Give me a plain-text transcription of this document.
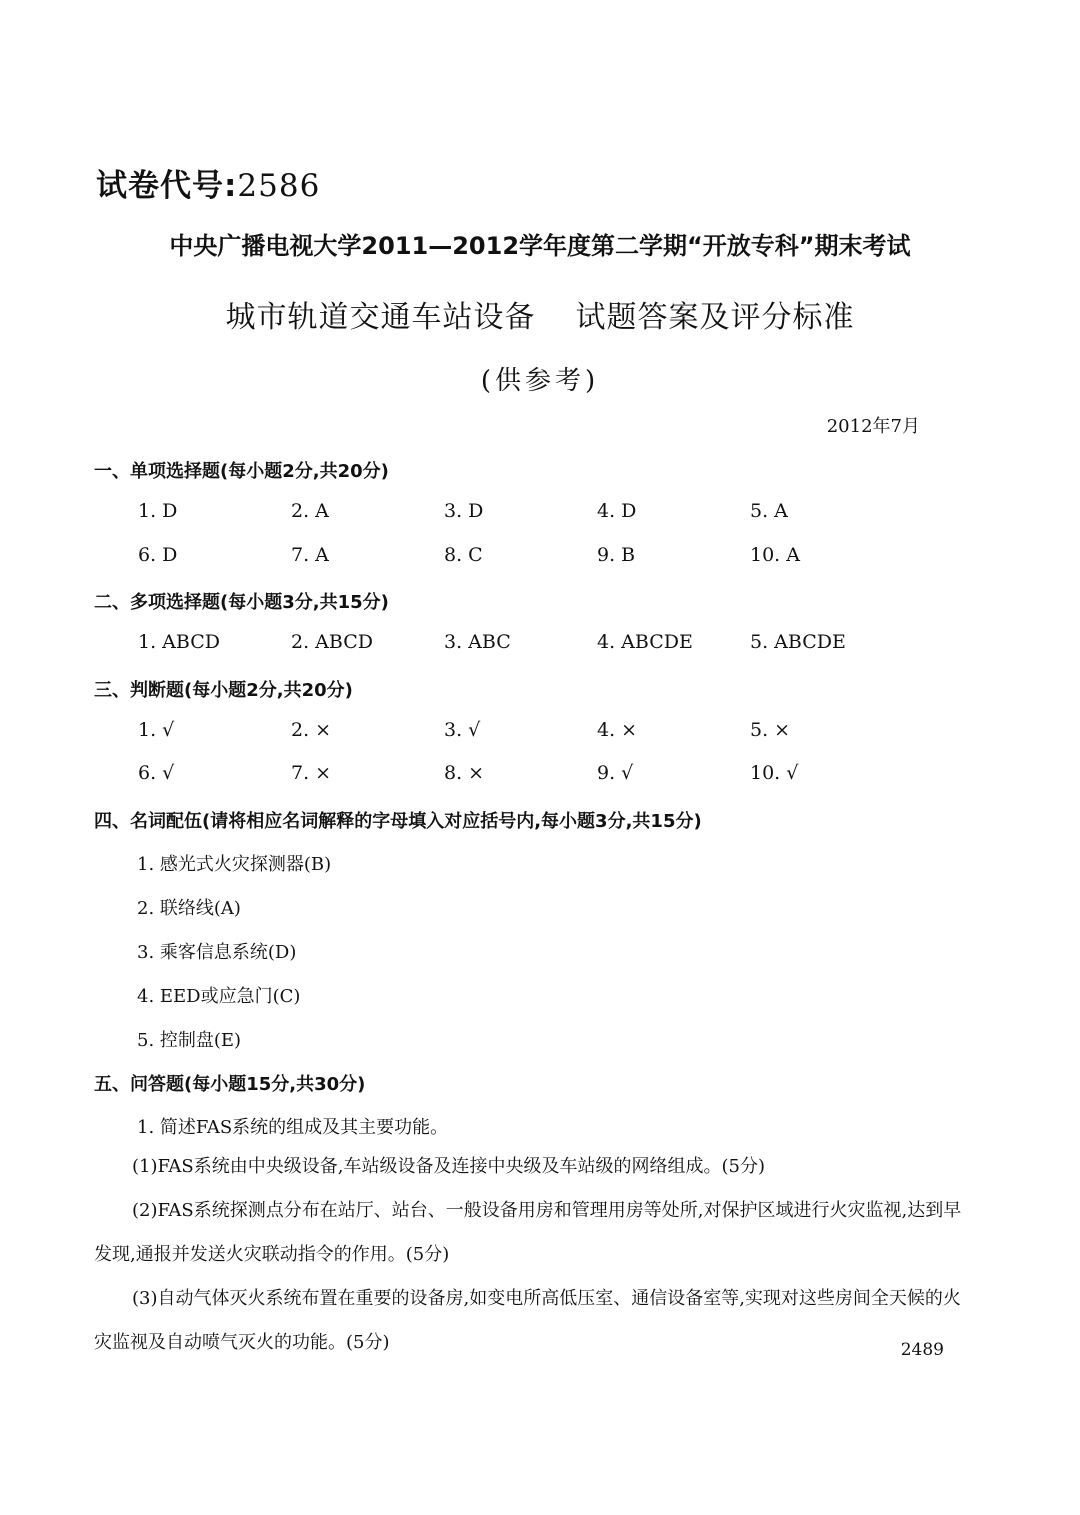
试卷代号:2586
中央广播电视大学2011—2012学年度第二学期“开放专科”期末考试
城市轨道交通车站设备 试题答案及评分标准
(供参考)
2012年7月
一、单项选择题(每小题2分,共20分)
1. D	2. A	3. D	4. D	5. A
6. D	7. A	8. C	9. B	10. A
二、多项选择题(每小题3分,共15分)
1. ABCD	2. ABCD	3. ABC	4. ABCDE	5. ABCDE
三、判断题(每小题2分,共20分)
1. √	2. ×	3. √	4. ×	5. ×
6. √	7. ×	8. ×	9. √	10. √
四、名词配伍(请将相应名词解释的字母填入对应括号内,每小题3分,共15分)
1. 感光式火灾探测器(B)
2. 联络线(A)
3. 乘客信息系统(D)
4. EED或应急门(C)
5. 控制盘(E)
五、问答题(每小题15分,共30分)
1. 简述FAS系统的组成及其主要功能。
(1)FAS系统由中央级设备,车站级设备及连接中央级及车站级的网络组成。(5分)
(2)FAS系统探测点分布在站厅、站台、一般设备用房和管理用房等处所,对保护区域进行火灾监视,达到早发现,通报并发送火灾联动指令的作用。(5分)
(3)自动气体灭火系统布置在重要的设备房,如变电所高低压室、通信设备室等,实现对这些房间全天候的火灾监视及自动喷气灭火的功能。(5分)	2489
